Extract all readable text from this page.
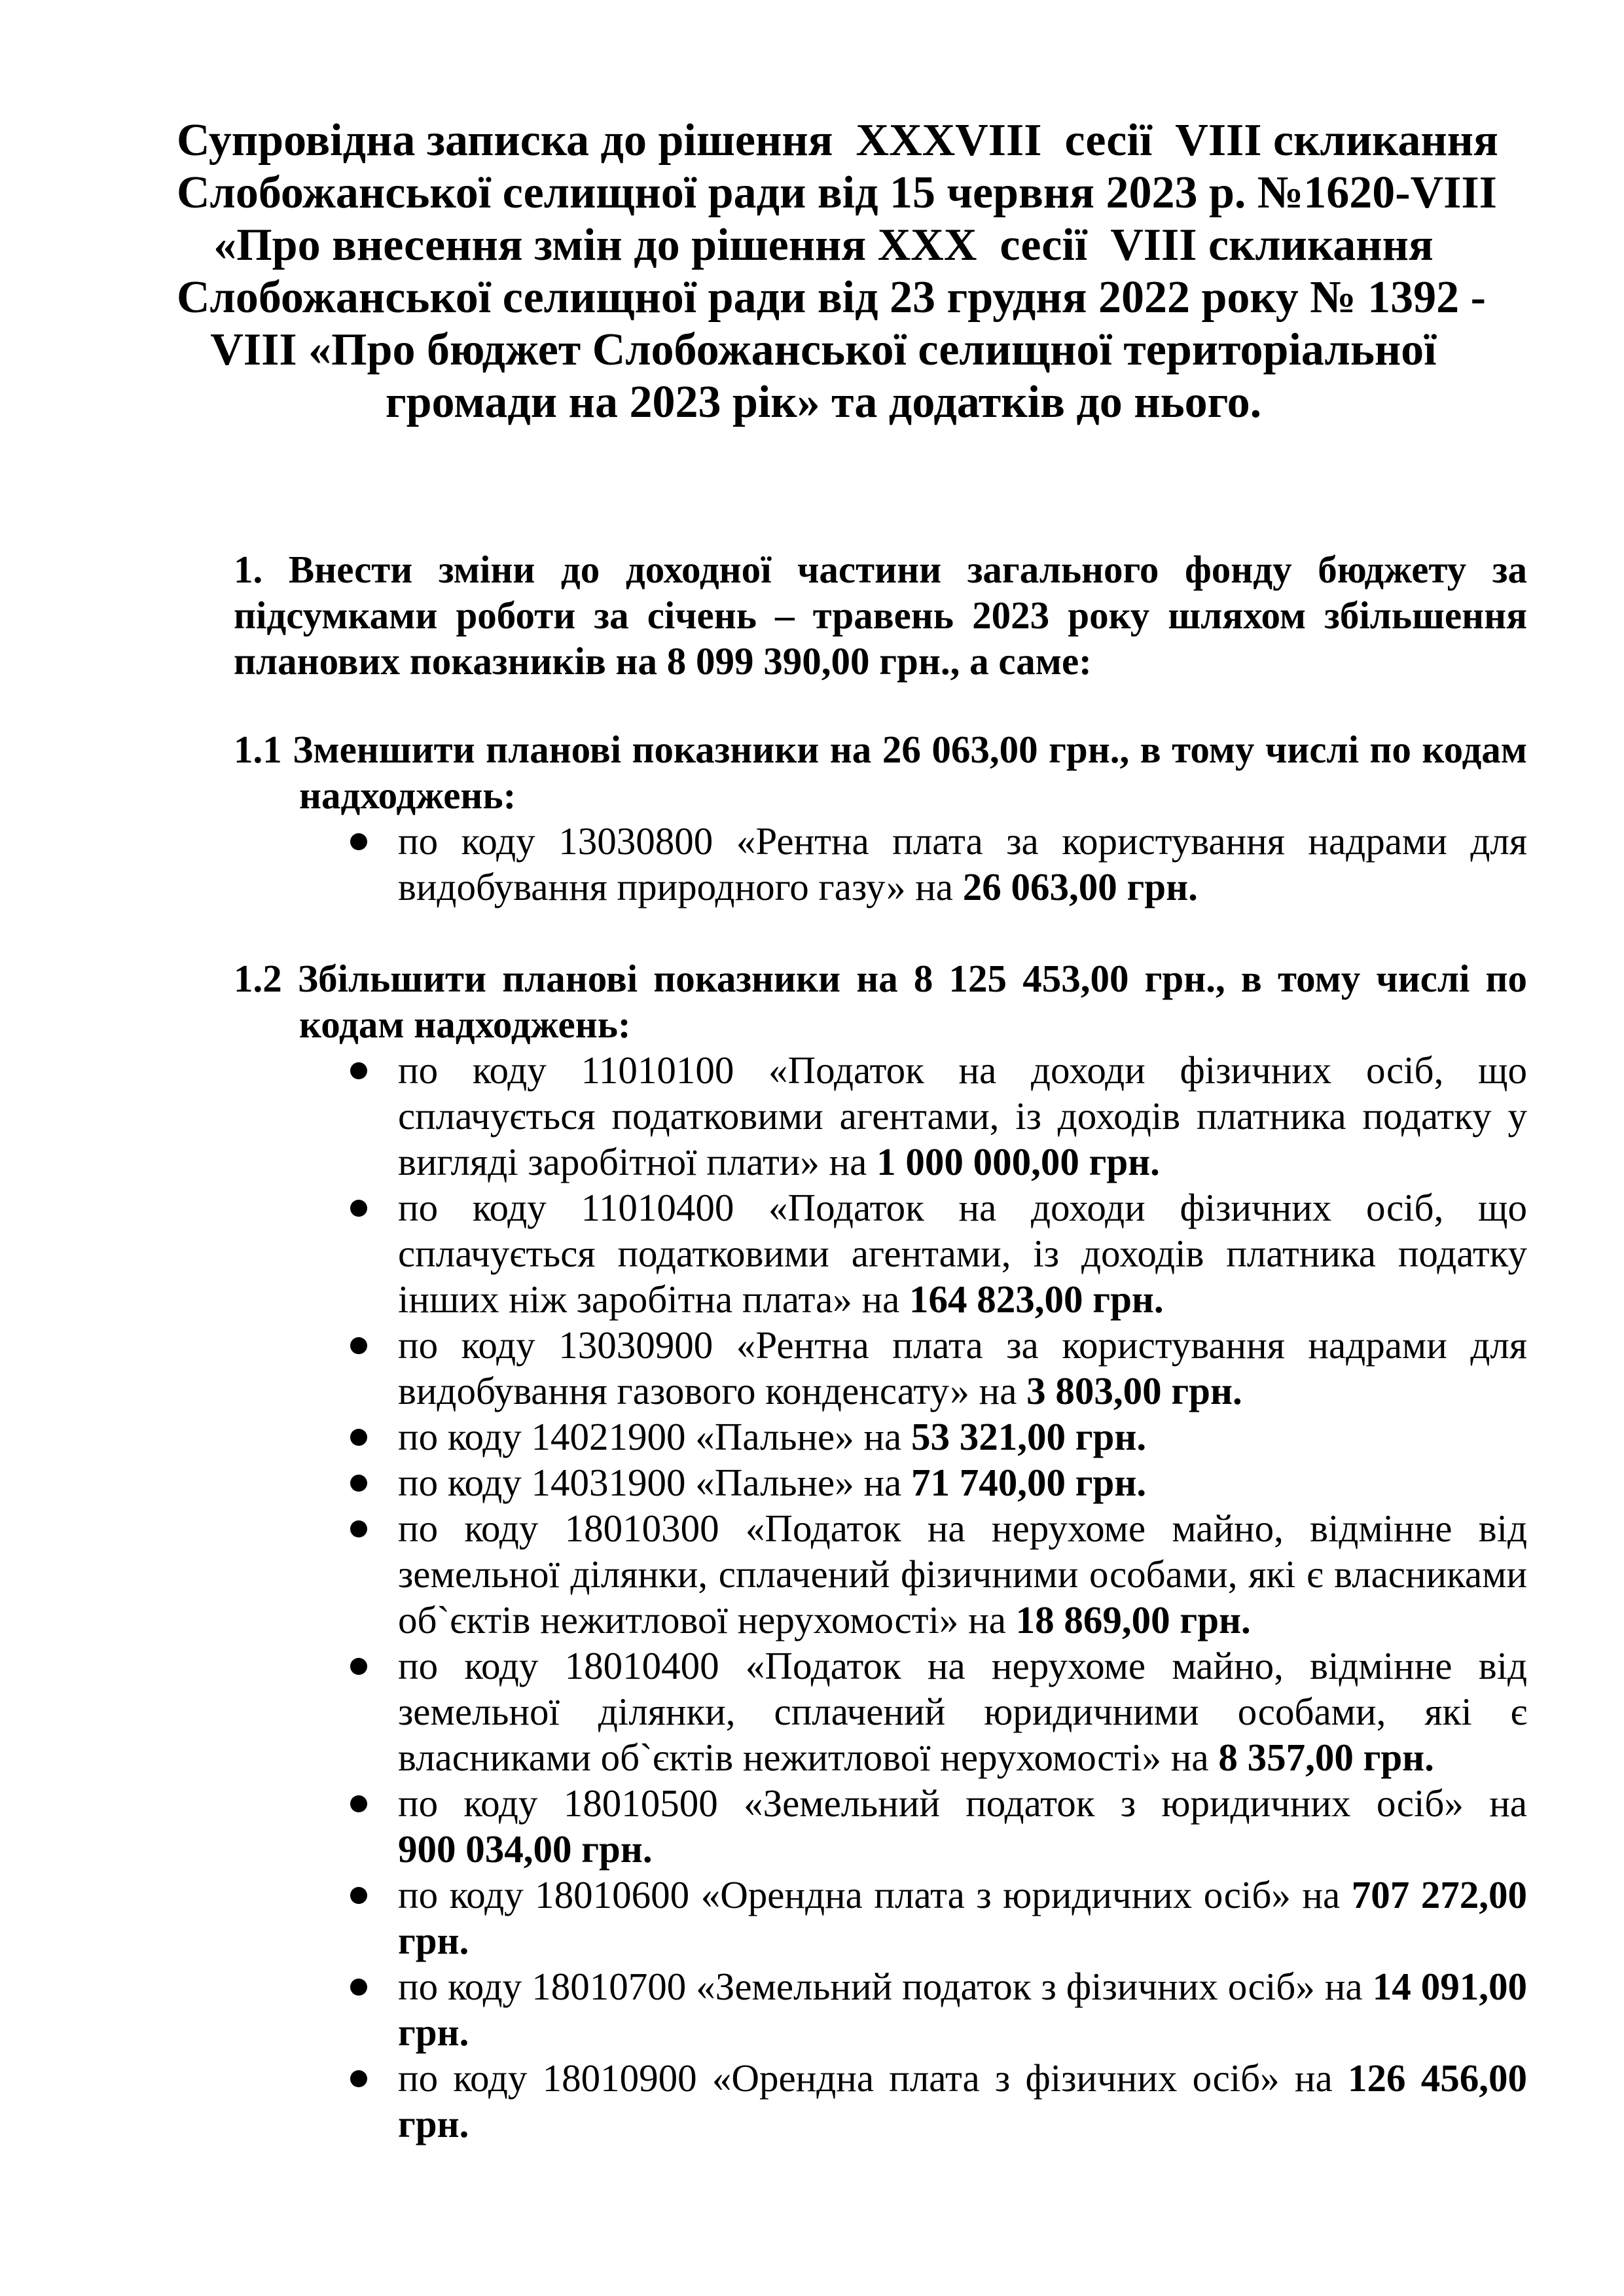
Супровідна записка до рішення  XXXVIII  сесії  VIII скликання
Слобожанської селищної ради від 15 червня 2023 р. №1620-VIII
«Про внесення змін до рішення XXX  сесії  VIII скликання
Слобожанської селищної ради від 23 грудня 2022 року № 1392 -
VIII «Про бюджет Слобожанської селищної територіальної
громади на 2023 рік» та додатків до нього.

1. Внести зміни до доходної частини загального фонду бюджету за підсумками роботи за січень – травень 2023 року шляхом збільшення планових показників на 8 099 390,00 грн., а саме:

1.1 Зменшити планові показники на 26 063,00 грн., в тому числі по кодам надходжень:

по коду 13030800 «Рентна плата за користування надрами для видобування природного газу» на 26 063,00 грн.

1.2 Збільшити планові показники на 8 125 453,00 грн., в тому числі по кодам надходжень:

по коду 11010100 «Податок на доходи фізичних осіб, що сплачується податковими агентами, із доходів платника податку у вигляді заробітної плати» на 1 000 000,00 грн.
по коду 11010400 «Податок на доходи фізичних осіб, що сплачується податковими агентами, із доходів платника податку інших ніж заробітна плата» на 164 823,00 грн.
по коду 13030900 «Рентна плата за користування надрами для видобування газового конденсату» на 3 803,00 грн.
по коду 14021900 «Пальне» на 53 321,00 грн.
по коду 14031900 «Пальне» на 71 740,00 грн.
по коду 18010300 «Податок на нерухоме майно, відмінне від земельної ділянки, сплачений фізичними особами, які є власниками об`єктів нежитлової нерухомості» на 18 869,00 грн.
по коду 18010400 «Податок на нерухоме майно, відмінне від земельної ділянки, сплачений юридичними особами, які є власниками об`єктів нежитлової нерухомості» на 8 357,00 грн.
по коду 18010500 «Земельний податок з юридичних осіб» на 900 034,00 грн.
по коду 18010600 «Орендна плата з юридичних осіб» на 707 272,00 грн.
по коду 18010700 «Земельний податок з фізичних осіб» на 14 091,00 грн.
по коду 18010900 «Орендна плата з фізичних осіб» на 126 456,00 грн.
